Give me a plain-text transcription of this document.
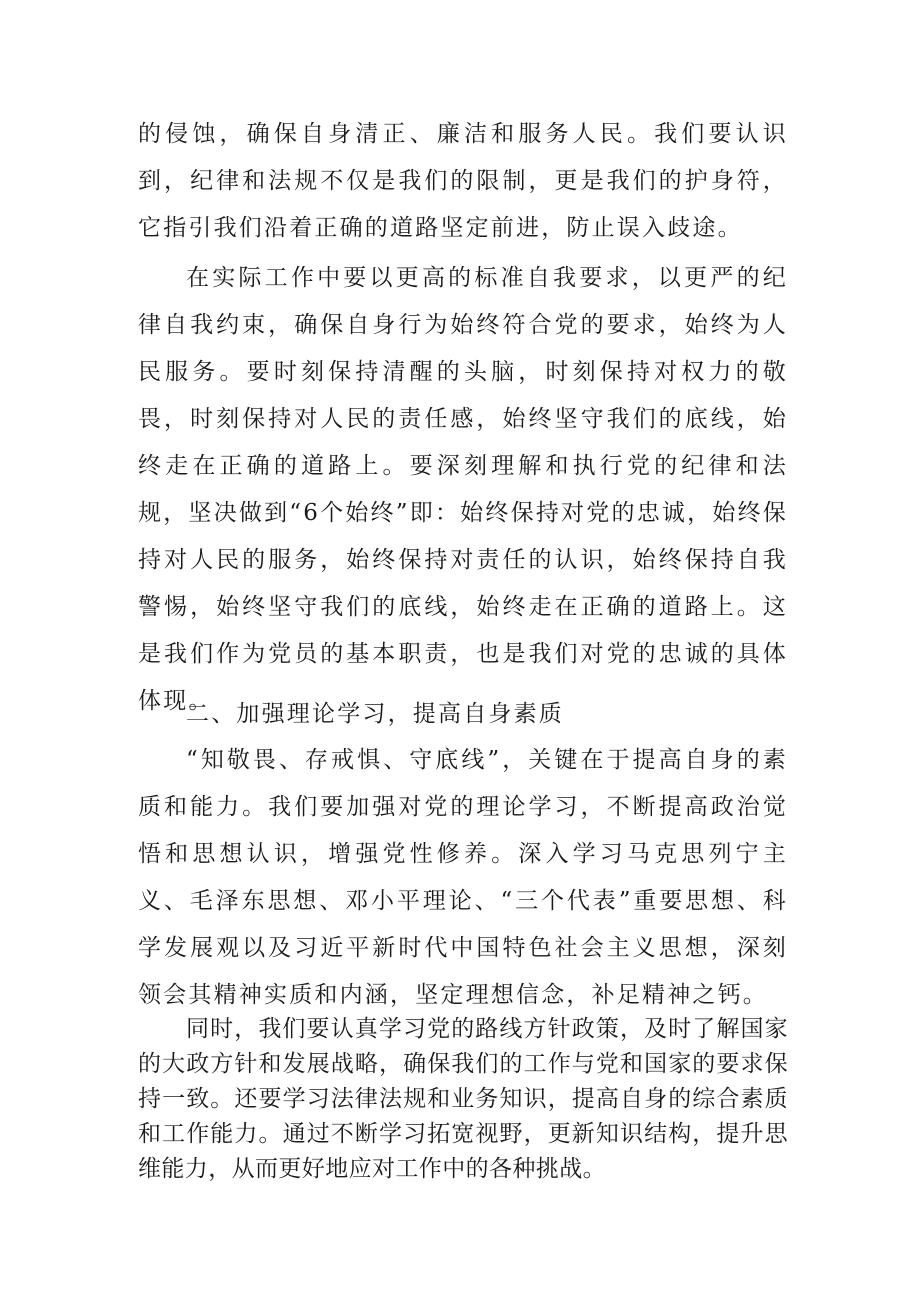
的侵蚀，确保自身清正、廉洁和服务人民。我们要认识到，纪律和法规不仅是我们的限制，更是我们的护身符，它指引我们沿着正确的道路坚定前进，防止误入歧途。

在实际工作中要以更高的标准自我要求，以更严的纪律自我约束，确保自身行为始终符合党的要求，始终为人民服务。要时刻保持清醒的头脑，时刻保持对权力的敬畏，时刻保持对人民的责任感，始终坚守我们的底线，始终走在正确的道路上。要深刻理解和执行党的纪律和法规，坚决做到“6个始终”即：始终保持对党的忠诚，始终保持对人民的服务，始终保持对责任的认识，始终保持自我警惕，始终坚守我们的底线，始终走在正确的道路上。这是我们作为党员的基本职责，也是我们对党的忠诚的具体体现。

二、加强理论学习，提高自身素质

“知敬畏、存戒惧、守底线”，关键在于提高自身的素质和能力。我们要加强对党的理论学习，不断提高政治觉悟和思想认识，增强党性修养。深入学习马克思列宁主义、毛泽东思想、邓小平理论、“三个代表”重要思想、科学发展观以及习近平新时代中国特色社会主义思想，深刻领会其精神实质和内涵，坚定理想信念，补足精神之钙。

同时，我们要认真学习党的路线方针政策，及时了解国家的大政方针和发展战略，确保我们的工作与党和国家的要求保持一致。还要学习法律法规和业务知识，提高自身的综合素质和工作能力。通过不断学习拓宽视野，更新知识结构，提升思维能力，从而更好地应对工作中的各种挑战。
